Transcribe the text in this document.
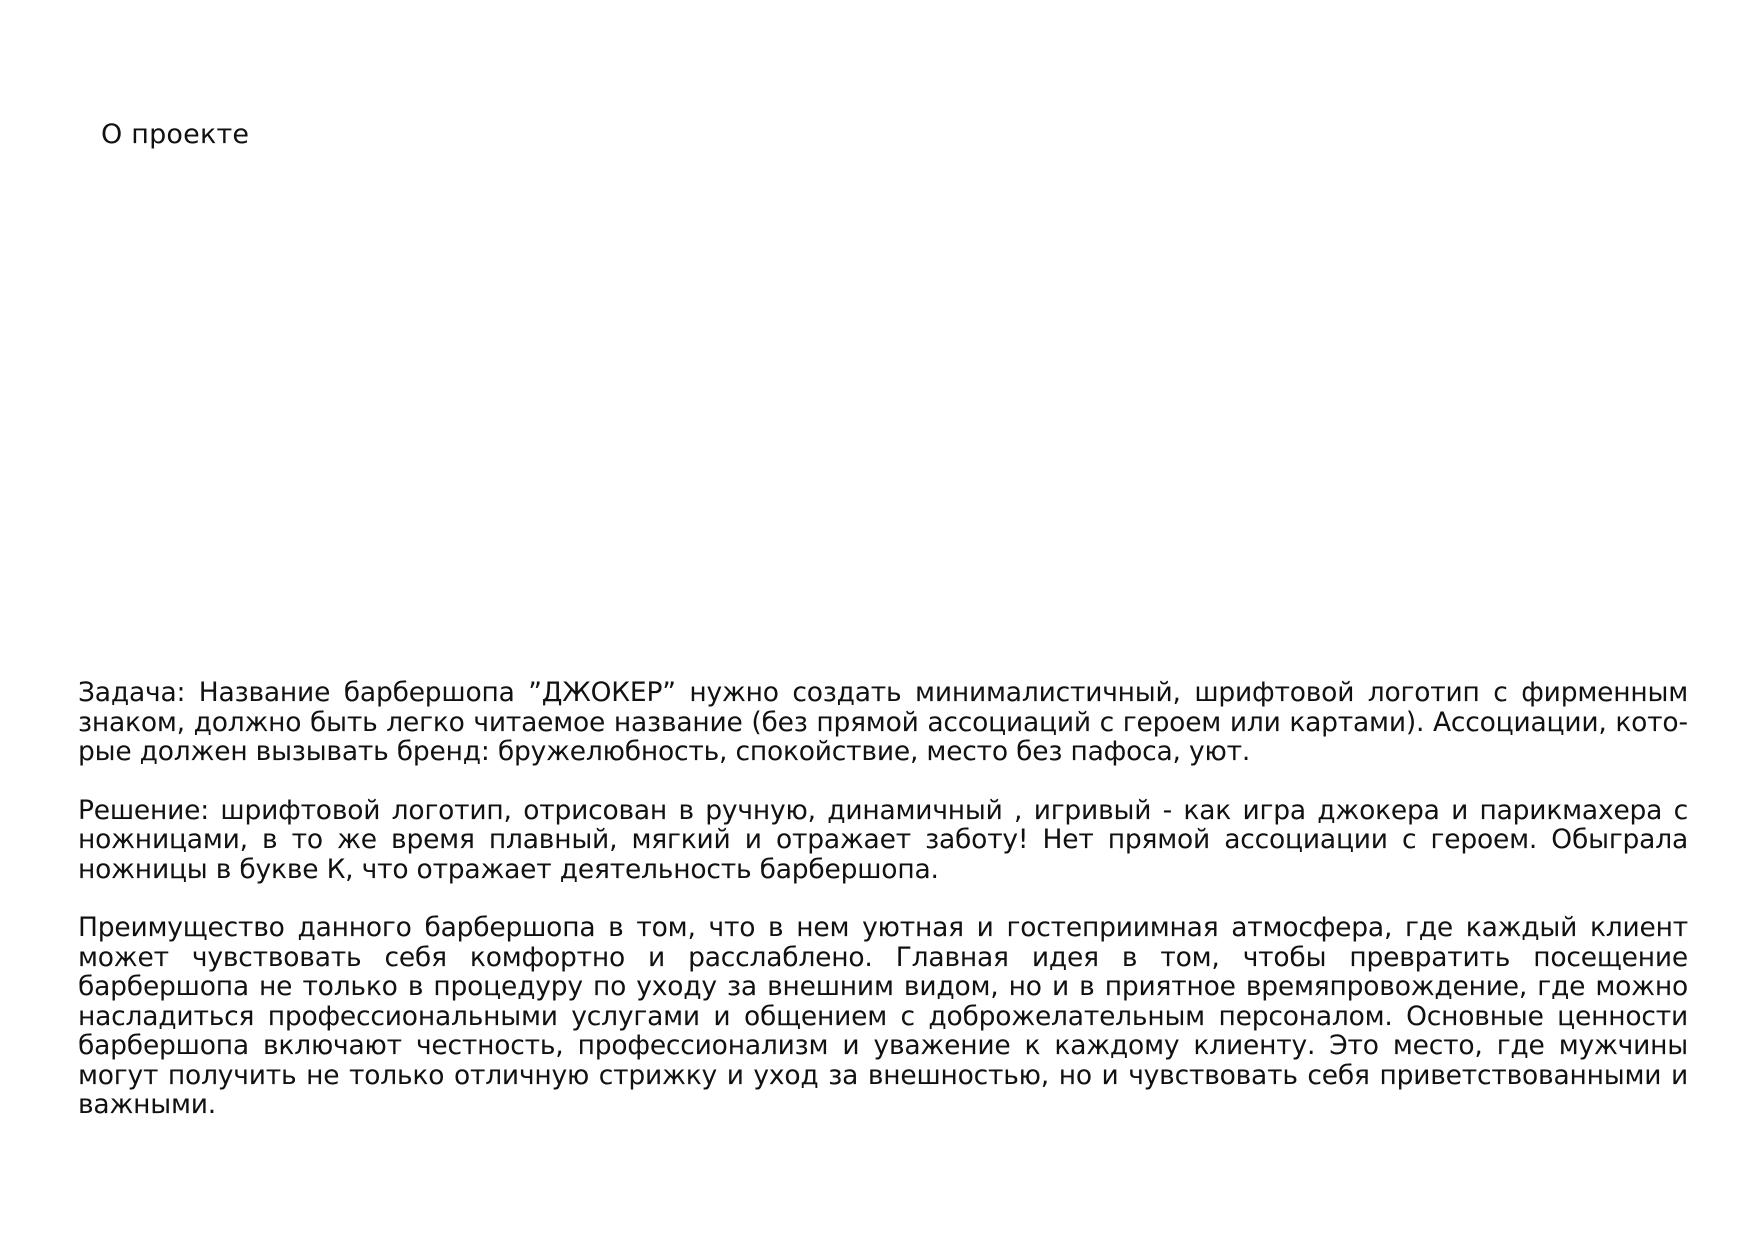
О проекте

Задача: Название барбершопа ”ДЖОКЕР” нужно создать минималистичный, шрифтовой логотип с фирменным знаком, должно быть легко читаемое название (без прямой ассоциаций с героем или картами). Ассоциации, которые должен вызывать бренд: бружелюбность, спокойствие, место без пафоса, уют.

Решение: шрифтовой логотип, отрисован в ручную, динамичный , игривый - как игра джокера и парикмахера с ножницами, в то же время плавный, мягкий и отражает заботу! Нет прямой ассоциации с героем. Обыграла ножницы в букве К, что отражает деятельность барбершопа.

Преимущество данного барбершопа в том, что в нем уютная и гостеприимная атмосфера, где каждый клиент может чувствовать себя комфортно и расслаблено. Главная идея в том, чтобы превратить посещение барбершопа не только в процедуру по уходу за внешним видом, но и в приятное времяпровождение, где можно насладиться профессиональными услугами и общением с доброжелательным персоналом. Основные ценности барбершопа включают честность, профессионализм и уважение к каждому клиенту. Это место, где мужчины могут получить не только отличную стрижку и уход за внешностью, но и чувствовать себя приветствованными и важными.
